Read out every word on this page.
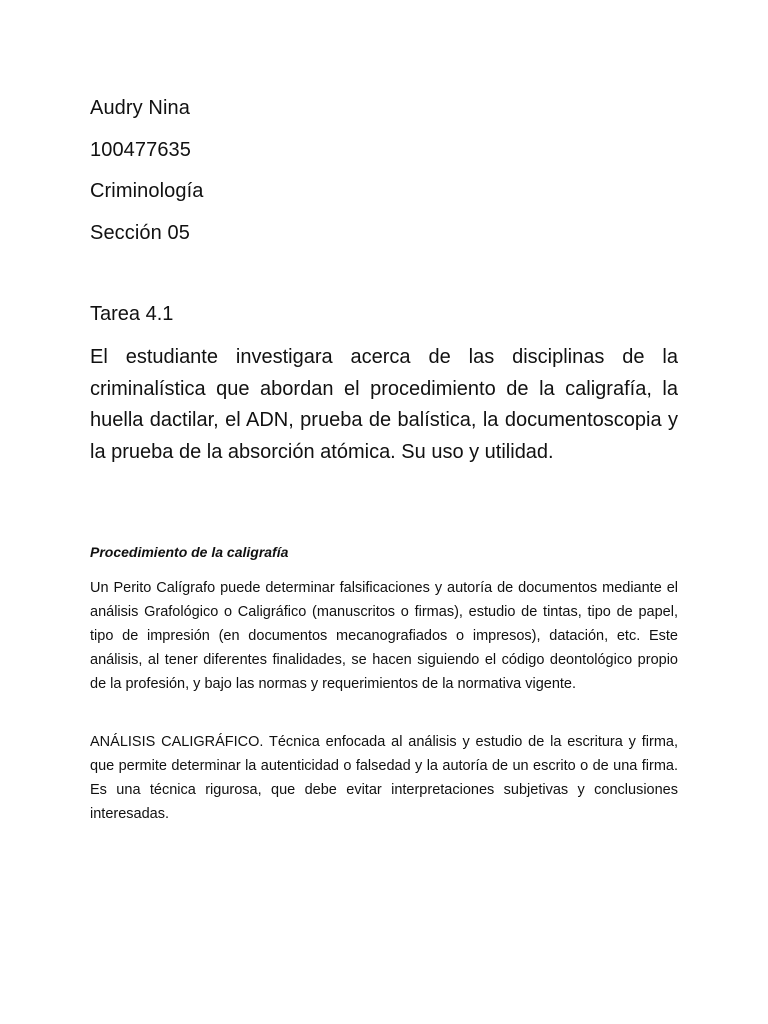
Audry Nina
100477635
Criminología
Sección 05
Tarea 4.1

El estudiante investigara acerca de las disciplinas de la criminalística que abordan el procedimiento de la caligrafía, la huella dactilar, el ADN, prueba de balística, la documentoscopia y la prueba de la absorción atómica. Su uso y utilidad.

Procedimiento de la caligrafía

Un Perito Calígrafo puede determinar falsificaciones y autoría de documentos mediante el análisis Grafológico o Caligráfico (manuscritos o firmas), estudio de tintas, tipo de papel, tipo de impresión (en documentos mecanografiados o impresos), datación, etc. Este análisis, al tener diferentes finalidades, se hacen siguiendo el código deontológico propio de la profesión, y bajo las normas y requerimientos de la normativa vigente.

ANÁLISIS CALIGRÁFICO. Técnica enfocada al análisis y estudio de la escritura y firma, que permite determinar la autenticidad o falsedad y la autoría de un escrito o de una firma. Es una técnica rigurosa, que debe evitar interpretaciones subjetivas y conclusiones interesadas.
